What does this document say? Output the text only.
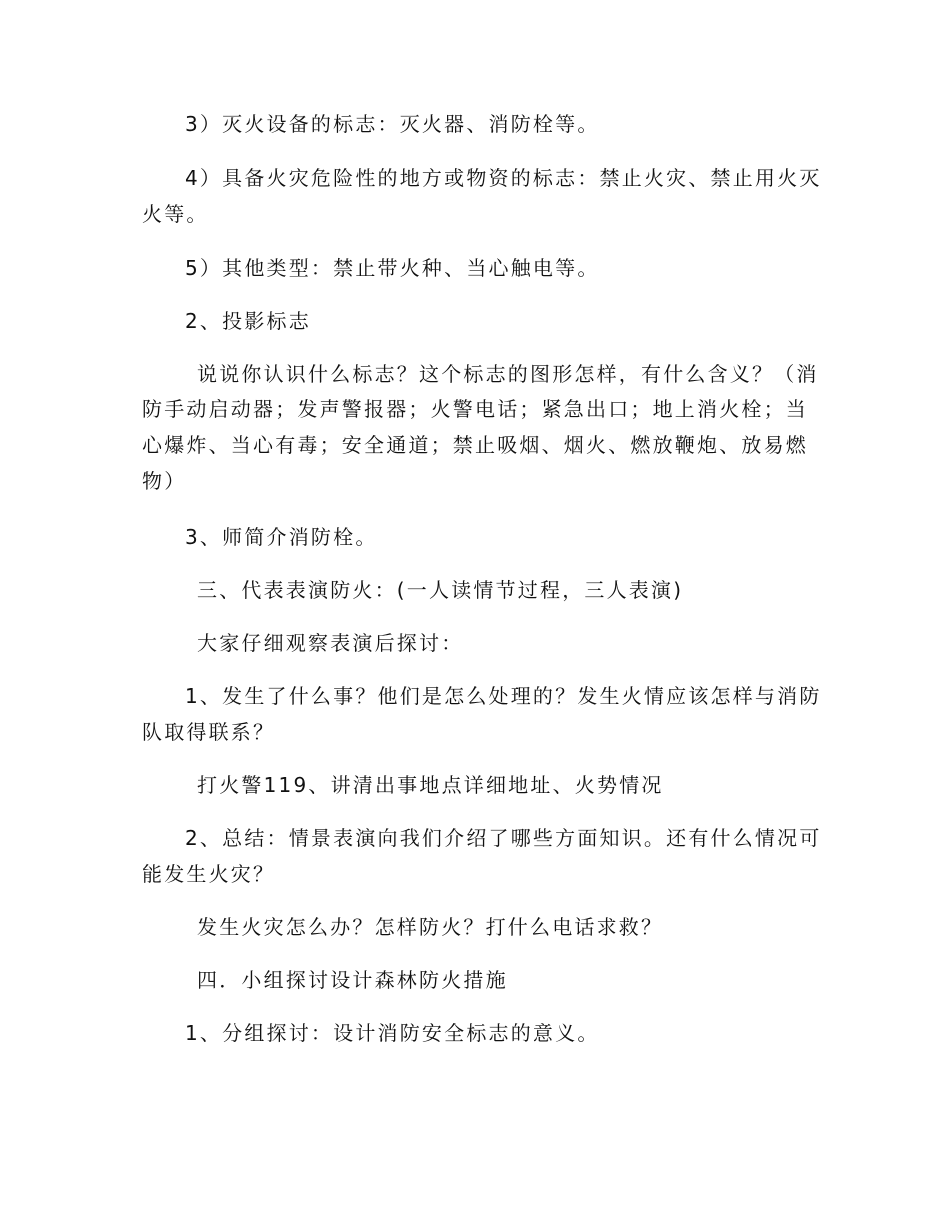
3）灭火设备的标志：灭火器、消防栓等。
4）具备火灾危险性的地方或物资的标志：禁止火灾、禁止用火灭
火等。
5）其他类型：禁止带火种、当心触电等。
2、投影标志
说说你认识什么标志？这个标志的图形怎样，有什么含义？（消
防手动启动器；发声警报器；火警电话；紧急出口；地上消火栓；当
心爆炸、当心有毒；安全通道；禁止吸烟、烟火、燃放鞭炮、放易燃
物）
3、师简介消防栓。
三、代表表演防火：(一人读情节过程，三人表演)
大家仔细观察表演后探讨：
1、发生了什么事？他们是怎么处理的？发生火情应该怎样与消防
队取得联系？
打火警119、讲清出事地点详细地址、火势情况
2、总结：情景表演向我们介绍了哪些方面知识。还有什么情况可
能发生火灾？
发生火灾怎么办？怎样防火？打什么电话求救？
四．小组探讨设计森林防火措施
1、分组探讨：设计消防安全标志的意义。
